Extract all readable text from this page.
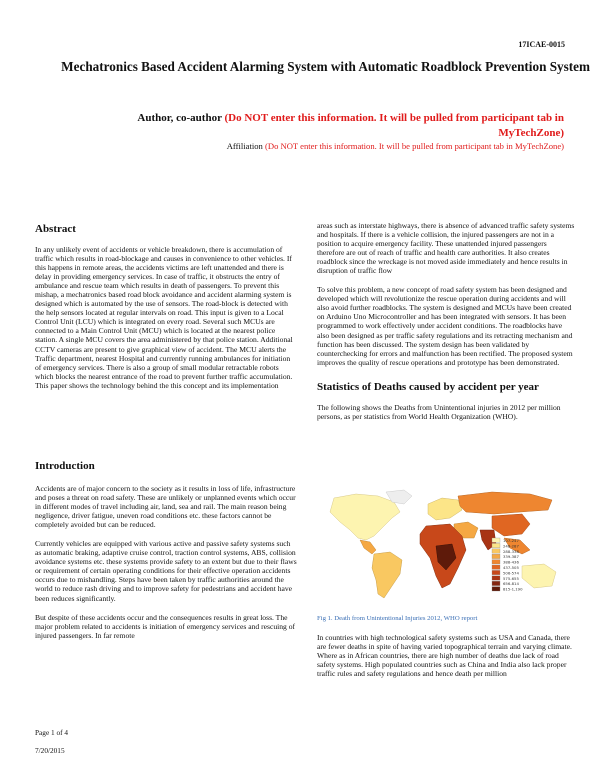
17ICAE-0015
Mechatronics Based Accident Alarming System with Automatic Roadblock Prevention System
Author, co-author (Do NOT enter this information. It will be pulled from participant tab in MyTechZone)
Affiliation (Do NOT enter this information. It will be pulled from participant tab in MyTechZone)
Abstract

In any unlikely event of accidents or vehicle breakdown, there is accumulation of traffic which results in road-blockage and causes in convenience to other vehicles. If this happens in remote areas, the accidents victims are left unattended and there is delay in providing emergency services. In case of traffic, it obstructs the entry of ambulance and rescue team which results in death of passengers. To prevent this mishap, a mechatronics based road block avoidance and accident alarming system is designed which is automated by the use of sensors. The road-block is detected with the help sensors located at regular intervals on road. This input is given to a Local Control Unit (LCU) which is integrated on every road. Several such MCUs are connected to a Main Control Unit (MCU) which is located at the nearest police station. A single MCU covers the area administered by that police station. Additional CCTV cameras are present to give graphical view of accident. The MCU alerts the Traffic department, nearest Hospital and currently running ambulances for initiation of emergency services. There is also a group of small modular retractable robots which blocks the nearest entrance of the road to prevent further traffic accumulation. This paper shows the technology behind the this concept and its implementation

Introduction

Accidents are of major concern to the society as it results in loss of life, infrastructure and poses a threat on road safety. These are unlikely or unplanned events which occur in different modes of travel including air, land, sea and rail. The main reason being negligence, driver fatigue, uneven road conditions etc. these factors cannot be completely avoided but can be reduced.

Currently vehicles are equipped with various active and passive safety systems such as automatic braking, adaptive cruise control, traction control systems, ABS, collision avoidance systems etc. these systems provide safety to an extent but due to their flaws or requirement of certain operating conditions for their effective operation accidents occurs due to mishandling. Steps have been taken by traffic authorities around the world to reduce rash driving and to improve safety for pedestrians and accident have been reduces significantly.

But despite of these accidents occur and the consequences results in great loss. The major problem related to accidents is initiation of emergency services and rescuing of injured passengers. In far remote

areas such as interstate highways, there is absence of advanced traffic safety systems and hospitals. If there is a vehicle collision, the injured passengers are not in a position to acquire emergency facility. These unattended injured passengers therefore are out of reach of traffic and health care authorities. It also creates roadblock since the wreckage is not moved aside immediately and hence results in disruption of traffic flow

To solve this problem, a new concept of road safety system has been designed and developed which will revolutionize the rescue operation during accidents and will also avoid further roadblocks. The system is designed and MCUs have been created on Arduino Uno Microcontroller and has been integrated with sensors. It has been programmed to work effectively under accident conditions. The roadblocks have also been designed as per traffic safety regulations and its retracting mechanism and function has been discussed. The system design has been validated by counterchecking for errors and malfunction has been rectified. The proposed system improves the quality of rescue operations and prototype has been demonstrated.

Statistics of Deaths caused by accident per year

The following shows the Deaths from Unintentional injuries in 2012 per million persons, as per statistics from World Health Organization (WHO).

107-247
248-287
288-338
339-387
388-436
437-505
506-574
575-655
656-814
815-1,190
Fig 1. Death from Unintentional Injuries 2012, WHO report

In countries with high technological safety systems such as USA and Canada, there are fewer deaths in spite of having varied topographical terrain and varying climate. Where as in African countries, there are high number of deaths due lack of road safety systems. High populated countries such as China and India also lack proper traffic rules and safety regulations and hence death per million

Page 1 of 4
7/20/2015
